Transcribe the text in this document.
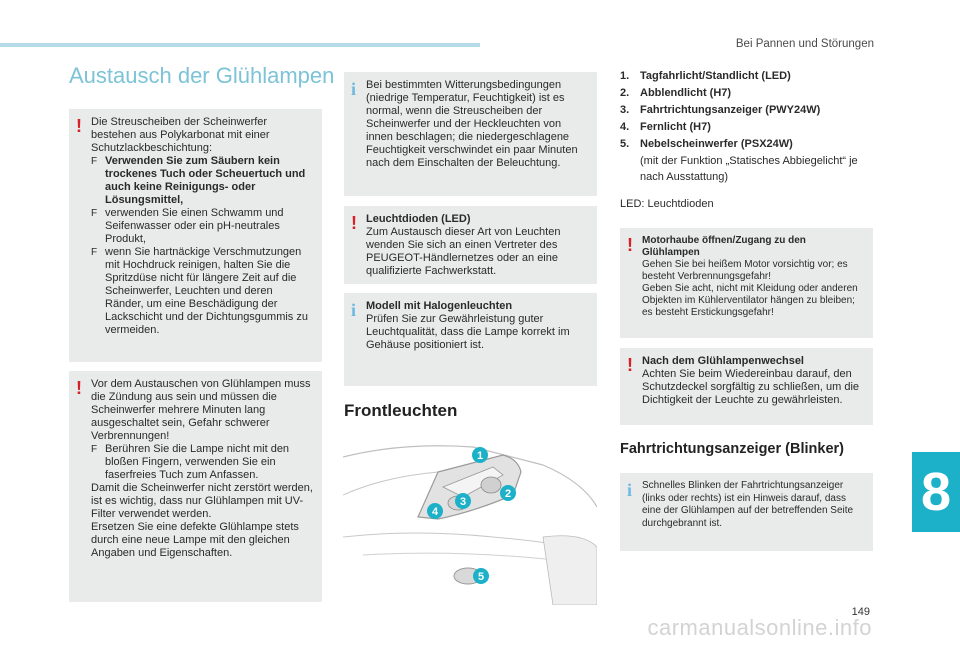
Bei Pannen und Störungen
Austausch der Glühlampen
! Die Streuscheiben der Scheinwerfer bestehen aus Polykarbonat mit einer Schutzlackbeschichtung:

F Verwenden Sie zum Säubern kein trockenes Tuch oder Scheuertuch und auch keine Reinigungs- oder Lösungsmittel,
F verwenden Sie einen Schwamm und Seifenwasser oder ein pH-neutrales Produkt,
F wenn Sie hartnäckige Verschmutzungen mit Hochdruck reinigen, halten Sie die Spritzdüse nicht für längere Zeit auf die Scheinwerfer, Leuchten und deren Ränder, um eine Beschädigung der Lackschicht und der Dichtungsgummis zu vermeiden.
! Vor dem Austauschen von Glühlampen muss die Zündung aus sein und müssen die Scheinwerfer mehrere Minuten lang ausgeschaltet sein, Gefahr schwerer Verbrennungen!

F Berühren Sie die Lampe nicht mit den bloßen Fingern, verwenden Sie ein faserfreies Tuch zum Anfassen.

Damit die Scheinwerfer nicht zerstört werden, ist es wichtig, dass nur Glühlampen mit UV-Filter verwendet werden.

Ersetzen Sie eine defekte Glühlampe stets durch eine neue Lampe mit den gleichen Angaben und Eigenschaften.

i Bei bestimmten Witterungsbedingungen (niedrige Temperatur, Feuchtigkeit) ist es normal, wenn die Streuscheiben der Scheinwerfer und der Heckleuchten von innen beschlagen; die niedergeschlagene Feuchtigkeit verschwindet ein paar Minuten nach dem Einschalten der Beleuchtung.

! Leuchtdioden (LED)

Zum Austausch dieser Art von Leuchten wenden Sie sich an einen Vertreter des PEUGEOT-Händlernetzes oder an eine qualifizierte Fachwerkstatt.

i Modell mit Halogenleuchten

Prüfen Sie zur Gewährleistung guter Leuchtqualität, dass die Lampe korrekt im Gehäuse positioniert ist.

Frontleuchten
1
2
3
4
5
1. Tagfahrlicht/Standlicht (LED)
2. Abblendlicht (H7)
3. Fahrtrichtungsanzeiger (PWY24W)
4. Fernlicht (H7)
5. Nebelscheinwerfer (PSX24W)
(mit der Funktion „Statisches Abbiegelicht“ je nach Ausstattung)
LED: Leuchtdioden
! Motorhaube öffnen/Zugang zu den Glühlampen

Gehen Sie bei heißem Motor vorsichtig vor; es besteht Verbrennungsgefahr!

Geben Sie acht, nicht mit Kleidung oder anderen Objekten im Kühlerventilator hängen zu bleiben; es besteht Erstickungsgefahr!

! Nach dem Glühlampenwechsel

Achten Sie beim Wiedereinbau darauf, den Schutzdeckel sorgfältig zu schließen, um die Dichtigkeit der Leuchte zu gewährleisten.

Fahrtrichtungsanzeiger (Blinker)
i Schnelles Blinken der Fahrtrichtungsanzeiger (links oder rechts) ist ein Hinweis darauf, dass eine der Glühlampen auf der betreffenden Seite durchgebrannt ist.

8
149
carmanualsonline.info
